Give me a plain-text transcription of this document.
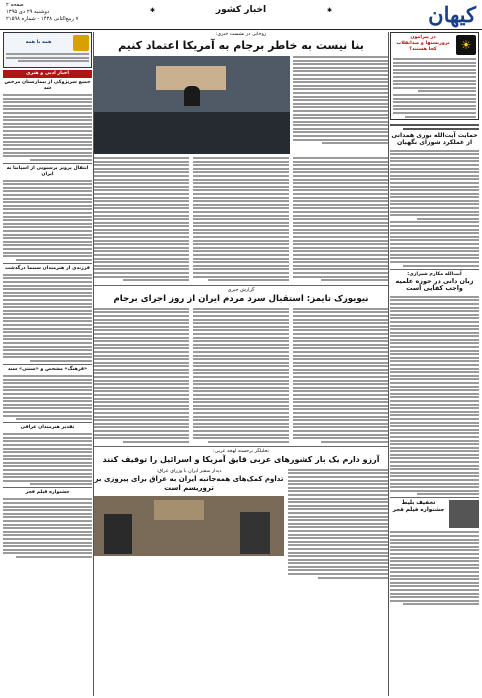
کیهان
اخبار کشور
✱	✱
صفحه ۲
دوشنبه ۲۹ دی ۱۳۹۵
۷ ربیع‌الثانی ۱۴۳۸ - شماره ۲۱۵۹۸
☀
در پیرامون
تروریستها و ضدانقلاب کجا هستند؟
حمایت آیت‌الله نوری همدانی از عملکرد شورای نگهبان
آیت‌الله مکارم شیرازی:
زبان دانی در حوزه علمیه واجب کفایی است
تخفیف بلیط جشنواره فیلم فجر
همه با همه
اخبار ادبی و هنری
جمیع سرپژوکی از بیمارستان مرخص شد
انتقال پرویز پرستویی از اسپانیا به ایران
فرزندی از هنرمندان سینما درگذشت
«فرهنگ» مشخص و «سنتی» سند
تقدیر هنرمندان عراقی
جشنواره فیلم فجر
روحانی در نشست خبری:
بنا نیست به خاطر برجام به آمریکا اعتماد کنیم
گزارش خبری
نیویورک تایمز: استقبال سرد مردم ایران از روز اجرای برجام
تحلیلگر برجسته لهجه عربی:
آرزو دارم یک بار کشورهای عربی قایق آمریکا و اسرائیل را توقیف کنند
دیدار سفیر ایران با وزرای عراق:
تداوم کمک‌های همه‌جانبه ایران به عراق برای پیروزی بر تروریسم است
